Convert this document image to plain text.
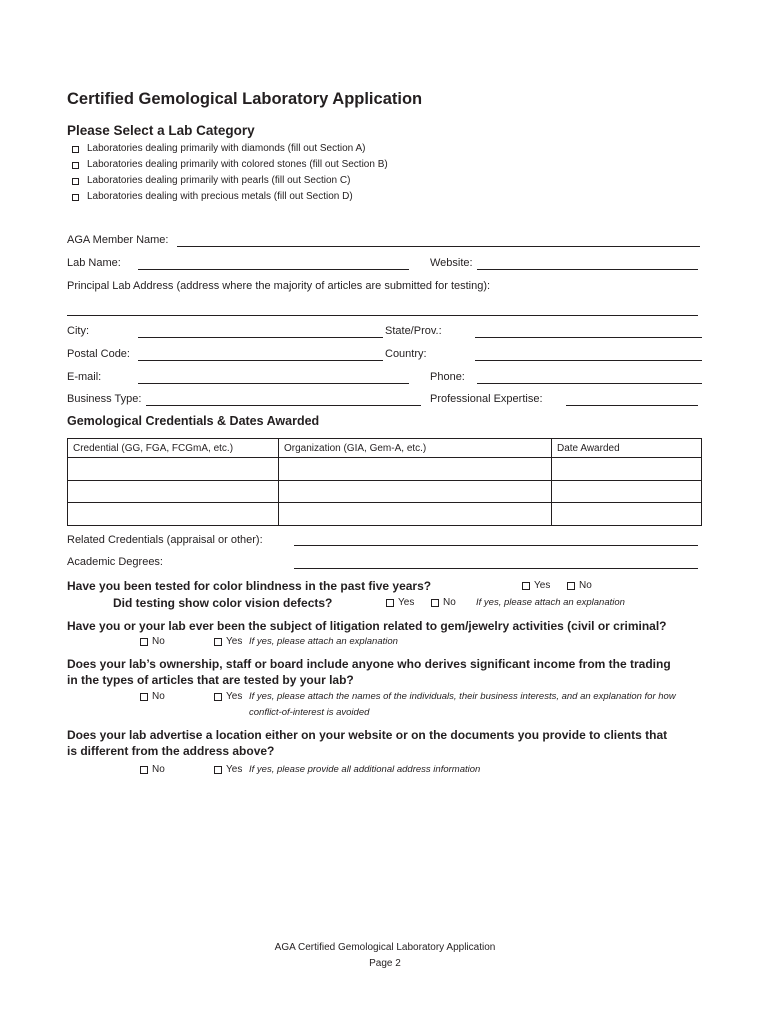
Certified Gemological Laboratory Application
Please Select a Lab Category
Laboratories dealing primarily with diamonds (fill out Section A)
Laboratories dealing primarily with colored stones (fill out Section B)
Laboratories dealing primarily with pearls (fill out Section C)
Laboratories dealing with precious metals (fill out Section D)
AGA Member Name:
Lab Name:	Website:
Principal Lab Address (address where the majority of articles are submitted for testing):
City:	State/Prov.:
Postal Code:	Country:
E-mail:	Phone:
Business Type:	Professional Expertise:
Gemological Credentials & Dates Awarded
Credential (GG, FGA, FCGmA, etc.)	Organization (GIA, Gem-A, etc.)	Date Awarded

Related Credentials (appraisal or other):
Academic Degrees:
Have you been tested for color blindness in the past five years?	Yes	No
Did testing show color vision defects?	Yes	No If yes, please attach an explanation
Have you or your lab ever been the subject of litigation related to gem/jewelry activities (civil or criminal?
No	Yes If yes, please attach an explanation
Does your lab’s ownership, staff or board include anyone who derives significant income from the trading
in the types of articles that are tested by your lab?
No	Yes If yes, please attach the names of the individuals, their business interests, and an explanation for how
conflict-of-interest is avoided
Does your lab advertise a location either on your website or on the documents you provide to clients that
is different from the address above?
No	Yes If yes, please provide all additional address information
AGA Certified Gemological Laboratory Application
Page 2
